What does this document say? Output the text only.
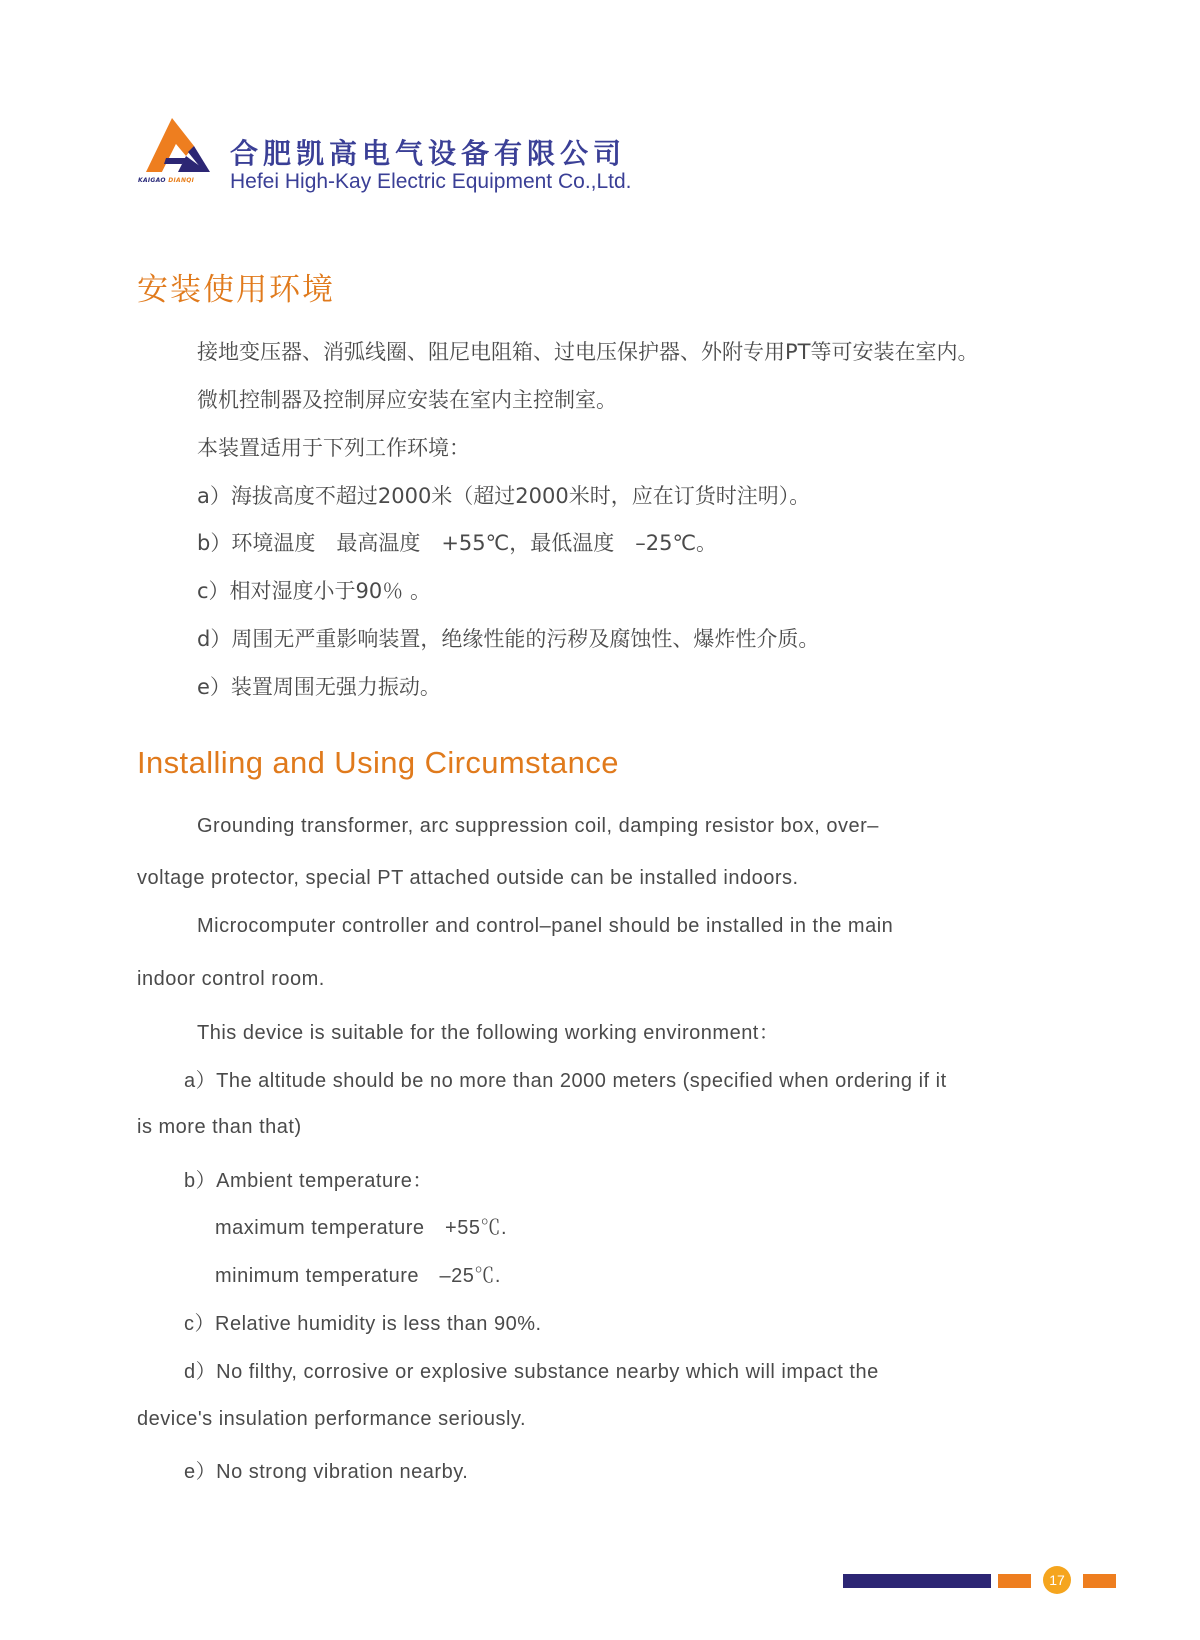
KAIGAO DIANQI
合肥凯高电气设备有限公司
Hefei High-Kay Electric Equipment Co.,Ltd.
安装使用环境
接地变压器、消弧线圈、阻尼电阻箱、过电压保护器、外附专用PT等可安装在室内。
微机控制器及控制屏应安装在室内主控制室。
本装置适用于下列工作环境：
a）海拔高度不超过2000米（超过2000米时，应在订货时注明）。
b）环境温度　最高温度　+55℃，最低温度　–25℃。
c）相对湿度小于90％ 。
d）周围无严重影响装置，绝缘性能的污秽及腐蚀性、爆炸性介质。
e）装置周围无强力振动。
Installing and Using Circumstance
Grounding transformer, arc suppression coil, damping resistor box, over–
voltage protector, special PT attached outside can be installed indoors.
Microcomputer controller and control–panel should be installed in the main
indoor control room.
This device is suitable for the following working environment：
a）The altitude should be no more than 2000 meters (specified when ordering if it
is more than that)
b）Ambient temperature：
maximum temperature　+55℃.
minimum temperature　–25℃.
c）Relative humidity is less than 90%.
d）No filthy, corrosive or explosive substance nearby which will impact the
device's insulation performance seriously.
e）No strong vibration nearby.
17
